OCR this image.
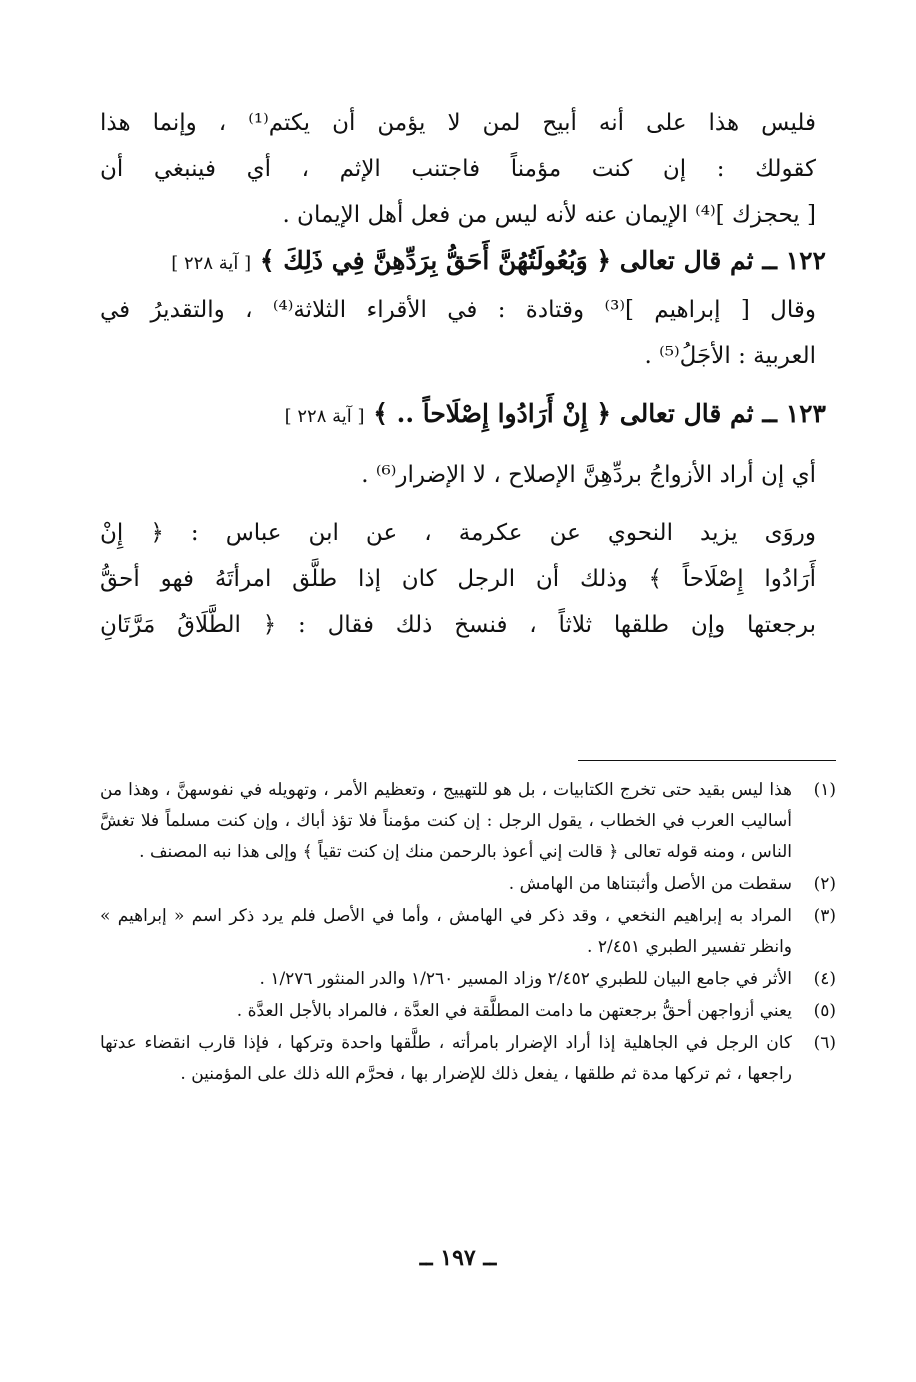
فليس هذا على أنه أبيح لمن لا يؤمن أن يكتم⁽¹⁾ ، وإنما هذا
كقولك : إن كنت مؤمناً فاجتنب الإثم ، أي فينبغي أن
[ يحجزك ]⁽⁴⁾ الإيمان عنه لأنه ليس من فعل أهل الإيمان .
١٢٢ ــ ثم قال تعالى ﴿ وَبُعُولَتُهُنَّ أَحَقُّ بِرَدِّهِنَّ فِي ذَلِكَ ﴾ [ آية ٢٢٨ ]
وقال [ إبراهيم ]⁽³⁾ وقتادة : في الأقراء الثلاثة⁽⁴⁾ ، والتقديرُ في
العربية : الأجَلُ⁽⁵⁾ .
١٢٣ ــ ثم قال تعالى ﴿ إِنْ أَرَادُوا إِصْلَاحاً .. ﴾ [ آية ٢٢٨ ]
أي إن أراد الأزواجُ بردِّهِنَّ الإصلاح ، لا الإضرار⁽⁶⁾ .
وروَى يزيد النحوي عن عكرمة ، عن ابن عباس : ﴿ إِنْ
أَرَادُوا إِصْلَاحاً ﴾ وذلك أن الرجل كان إذا طلَّق امرأتَهُ فهو أحقُّ
برجعتها وإن طلقها ثلاثاً ، فنسخ ذلك فقال : ﴿ الطَّلَاقُ مَرَّتَانِ
(١)
هذا ليس بقيد حتى تخرج الكتابيات ، بل هو للتهييج ، وتعظيم الأمر ، وتهويله في نفوسهنَّ ، وهذا من أساليب العرب في الخطاب ، يقول الرجل : إن كنت مؤمناً فلا تؤذ أباك ، وإن كنت مسلماً فلا تغشَّ الناس ، ومنه قوله تعالى ﴿ قالت إني أعوذ بالرحمن منك إن كنت تقياً ﴾ وإلى هذا نبه المصنف .
(٢)
سقطت من الأصل وأثبتناها من الهامش .
(٣)
المراد به إبراهيم النخعي ، وقد ذكر في الهامش ، وأما في الأصل فلم يرد ذكر اسم « إبراهيم » وانظر تفسير الطبري ٢/٤٥١ .
(٤)
الأثر في جامع البيان للطبري ٢/٤٥٢ وزاد المسير ١/٢٦٠ والدر المنثور ١/٢٧٦ .
(٥)
يعني أزواجهن أحقُّ برجعتهن ما دامت المطلَّقة في العدَّة ، فالمراد بالأجل العدَّة .
(٦)
كان الرجل في الجاهلية إذا أراد الإضرار بامرأته ، طلَّقها واحدة وتركها ، فإذا قارب انقضاء عدتها راجعها ، ثم تركها مدة ثم طلقها ، يفعل ذلك للإضرار بها ، فحرَّم الله ذلك على المؤمنين .
ــ ١٩٧ ــ
